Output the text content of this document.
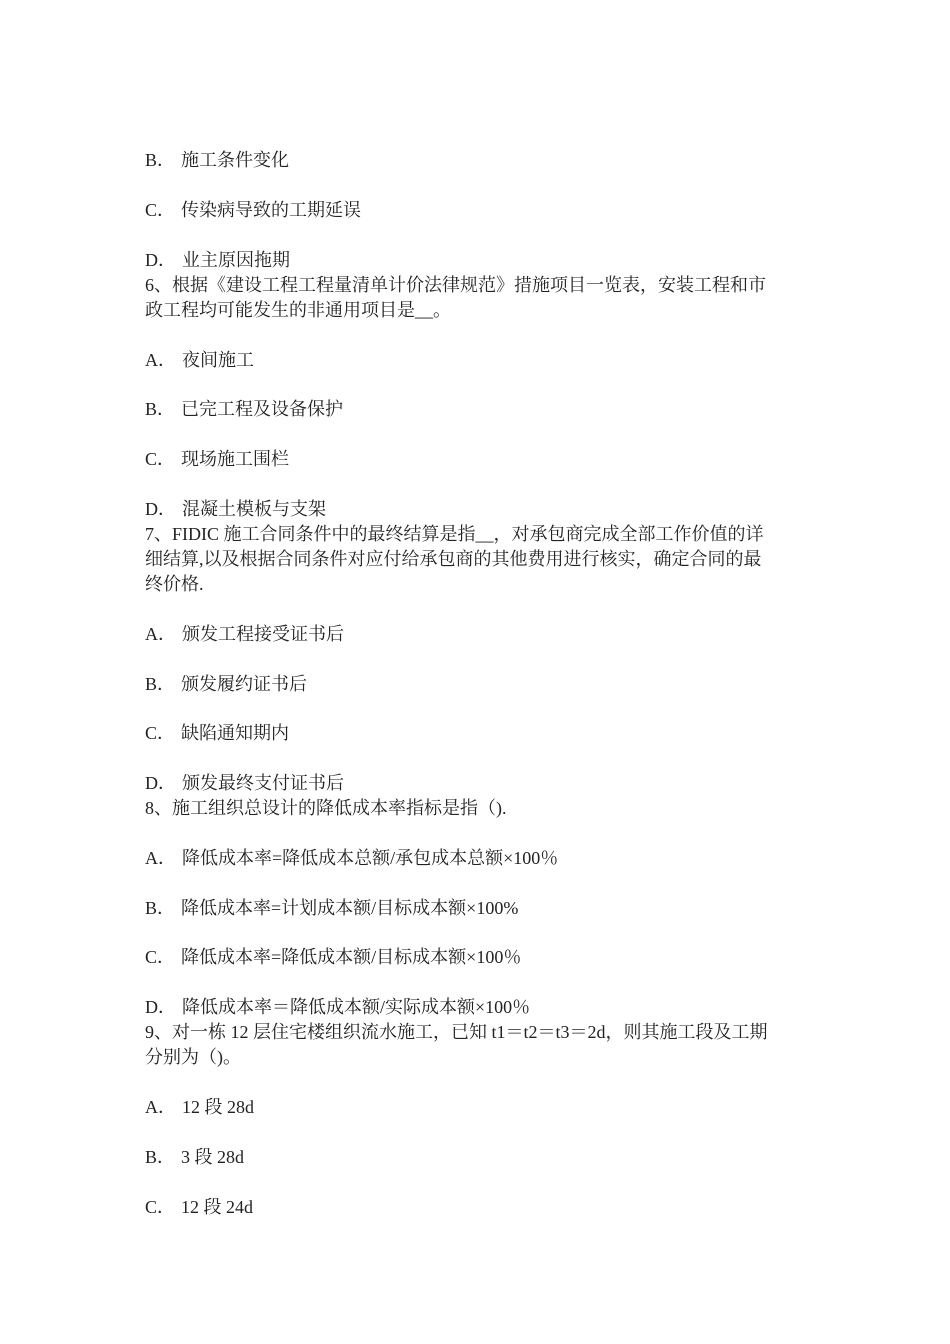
B． 施工条件变化
C． 传染病导致的工期延误
D． 业主原因拖期
6、根据《建设工程工程量清单计价法律规范》措施项目一览表，安装工程和市
政工程均可能发生的非通用项目是__。
A． 夜间施工
B． 已完工程及设备保护
C． 现场施工围栏
D． 混凝土模板与支架
7、FIDIC 施工合同条件中的最终结算是指__，对承包商完成全部工作价值的详
细结算,以及根据合同条件对应付给承包商的其他费用进行核实，确定合同的最
终价格.
A． 颁发工程接受证书后
B． 颁发履约证书后
C． 缺陷通知期内
D． 颁发最终支付证书后
8、施工组织总设计的降低成本率指标是指（).
A． 降低成本率=降低成本总额/承包成本总额×100％
B． 降低成本率=计划成本额/目标成本额×100%
C． 降低成本率=降低成本额/目标成本额×100％
D． 降低成本率＝降低成本额/实际成本额×100％
9、对一栋 12 层住宅楼组织流水施工，已知 t1＝t2＝t3＝2d，则其施工段及工期
分别为（)。
A． 12 段 28d
B． 3 段 28d
C． 12 段 24d
